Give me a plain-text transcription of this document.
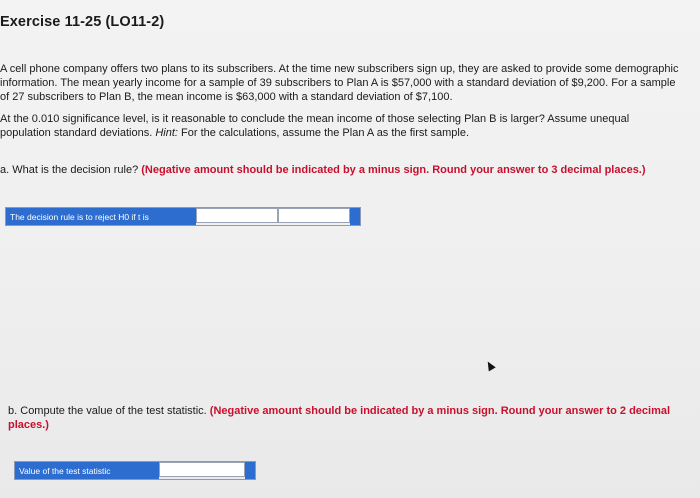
Exercise 11-25 (LO11-2)
A cell phone company offers two plans to its subscribers. At the time new subscribers sign up, they are asked to provide some demographic information. The mean yearly income for a sample of 39 subscribers to Plan A is $57,000 with a standard deviation of $9,200. For a sample of 27 subscribers to Plan B, the mean income is $63,000 with a standard deviation of $7,100.
At the 0.010 significance level, is it reasonable to conclude the mean income of those selecting Plan B is larger? Assume unequal population standard deviations. Hint: For the calculations, assume the Plan A as the first sample.
a. What is the decision rule? (Negative amount should be indicated by a minus sign. Round your answer to 3 decimal places.)
The decision rule is to reject H0 if t is
b. Compute the value of the test statistic. (Negative amount should be indicated by a minus sign. Round your answer to 2 decimal places.)
Value of the test statistic
